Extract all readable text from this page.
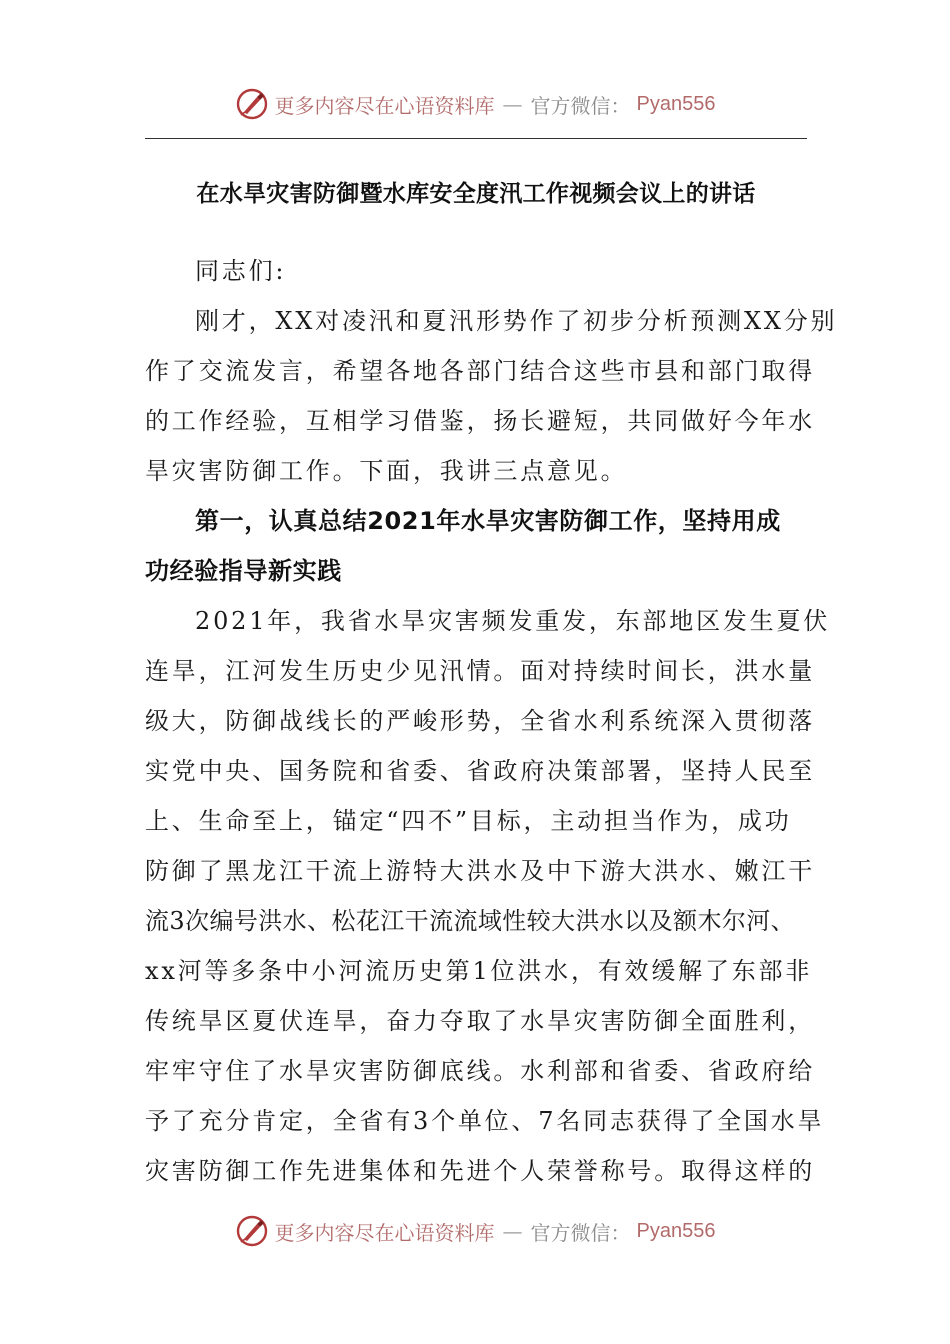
更多内容尽在心语资料库 — 官方微信： Pyan556
在水旱灾害防御暨水库安全度汛工作视频会议上的讲话

同志们:

刚才，XX对凌汛和夏汛形势作了初步分析预测XX分别
作了交流发言，希望各地各部门结合这些市县和部门取得
的工作经验，互相学习借鉴，扬长避短，共同做好今年水
旱灾害防御工作。下面，我讲三点意见。

第一，认真总结2021年水旱灾害防御工作，坚持用成
功经验指导新实践

2021年，我省水旱灾害频发重发，东部地区发生夏伏
连旱，江河发生历史少见汛情。面对持续时间长，洪水量
级大，防御战线长的严峻形势，全省水利系统深入贯彻落
实党中央、国务院和省委、省政府决策部署，坚持人民至
上、生命至上，锚定“四不”目标，主动担当作为，成功
防御了黑龙江干流上游特大洪水及中下游大洪水、嫩江干
流3次编号洪水、松花江干流流域性较大洪水以及额木尔河、
xx河等多条中小河流历史第1位洪水，有效缓解了东部非
传统旱区夏伏连旱，奋力夺取了水旱灾害防御全面胜利，
牢牢守住了水旱灾害防御底线。水利部和省委、省政府给
予了充分肯定，全省有3个单位、7名同志获得了全国水旱
灾害防御工作先进集体和先进个人荣誉称号。取得这样的

更多内容尽在心语资料库 — 官方微信： Pyan556
